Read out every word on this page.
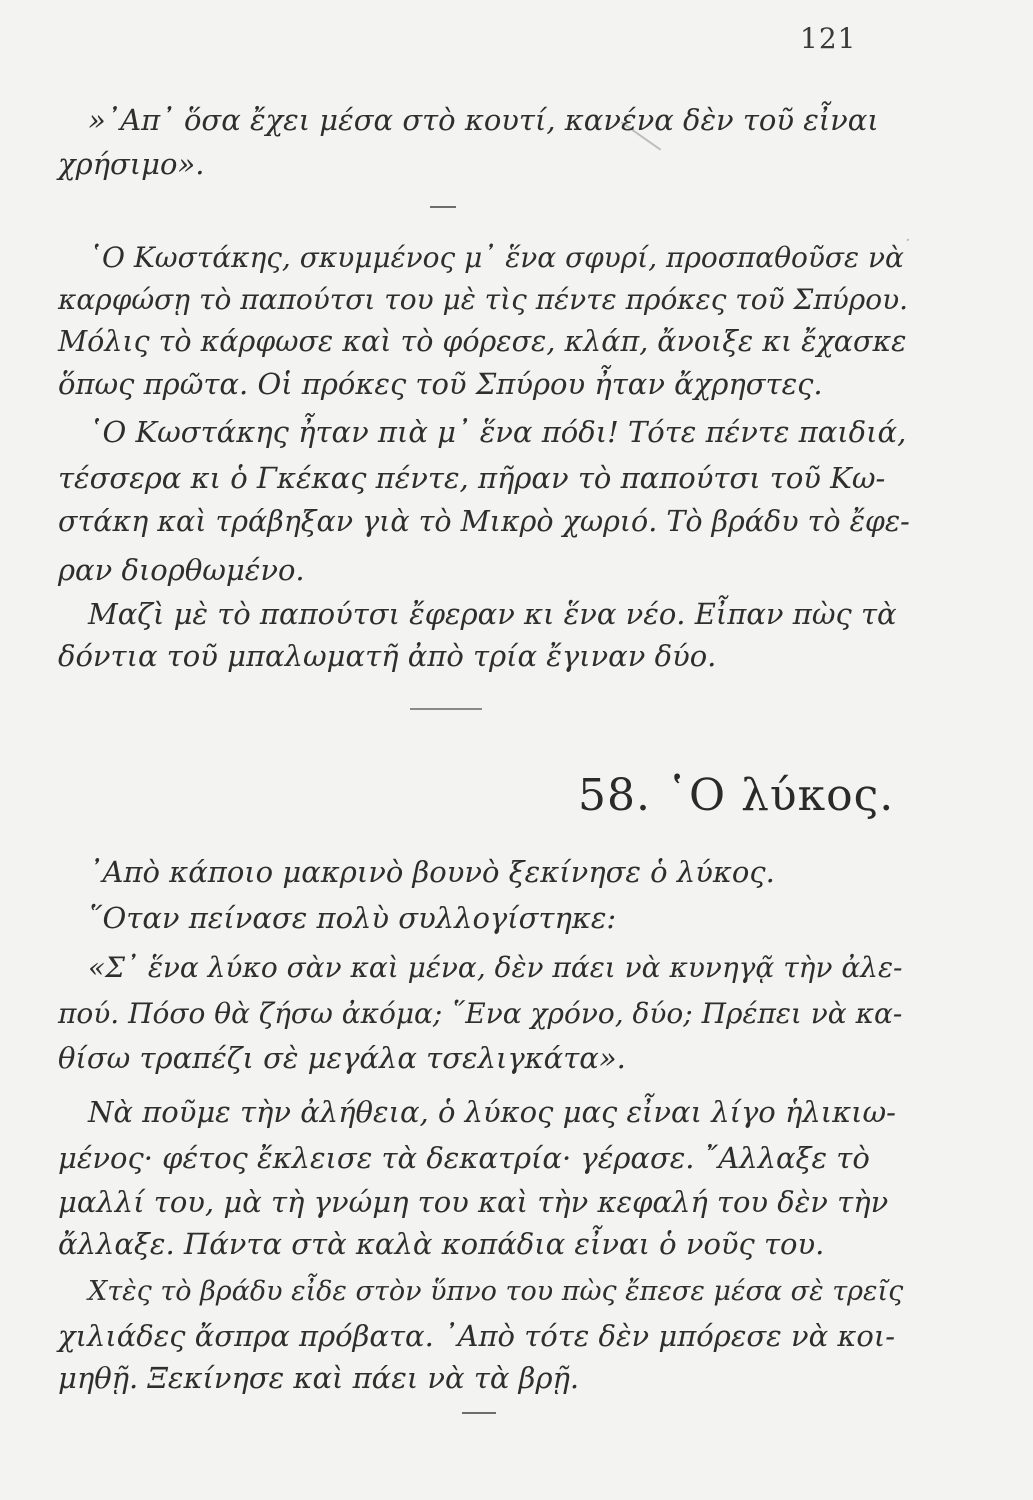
·
121
»᾿Απ᾿ ὅσα ἔχει μέσα στὸ κουτί, κανένα δὲν τοῦ εἶναι
χρήσιμο».
῾Ο Κωστάκης, σκυμμένος μ᾿ ἕνα σφυρί, προσπαθοῦσε νὰ
καρφώσῃ τὸ παπούτσι του μὲ τὶς πέντε πρόκες τοῦ Σπύρου.
Μόλις τὸ κάρφωσε καὶ τὸ φόρεσε, κλάπ, ἄνοιξε κι ἔχασκε
ὅπως πρῶτα. Οἱ πρόκες τοῦ Σπύρου ἦταν ἄχρηστες.
῾Ο Κωστάκης ἦταν πιὰ μ᾿ ἕνα πόδι! Τότε πέντε παιδιά,
τέσσερα κι ὁ Γκέκας πέντε, πῆραν τὸ παπούτσι τοῦ Κω-
στάκη καὶ τράβηξαν γιὰ τὸ Μικρὸ χωριό. Τὸ βράδυ τὸ ἔφε-
ραν διορθωμένο.
Μαζὶ μὲ τὸ παπούτσι ἔφεραν κι ἕνα νέο. Εἶπαν πὼς τὰ
δόντια τοῦ μπαλωματῆ ἀπὸ τρία ἔγιναν δύο.
58. ῾Ο λύκος.
᾿Απὸ κάποιο μακρινὸ βουνὸ ξεκίνησε ὁ λύκος.
῞Οταν πείνασε πολὺ συλλογίστηκε:
«Σ᾿ ἕνα λύκο σὰν καὶ μένα, δὲν πάει νὰ κυνηγᾷ τὴν ἀλε-
πού. Πόσο θὰ ζήσω ἀκόμα; ῞Ενα χρόνο, δύο; Πρέπει νὰ κα-
θίσω τραπέζι σὲ μεγάλα τσελιγκάτα».
Νὰ ποῦμε τὴν ἀλήθεια, ὁ λύκος μας εἶναι λίγο ἡλικιω-
μένος· φέτος ἔκλεισε τὰ δεκατρία· γέρασε. ῎Αλλαξε τὸ
μαλλί του, μὰ τὴ γνώμη του καὶ τὴν κεφαλή του δὲν τὴν
ἄλλαξε. Πάντα στὰ καλὰ κοπάδια εἶναι ὁ νοῦς του.
Χτὲς τὸ βράδυ εἶδε στὸν ὕπνο του πὼς ἔπεσε μέσα σὲ τρεῖς
χιλιάδες ἄσπρα πρόβατα. ᾿Απὸ τότε δὲν μπόρεσε νὰ κοι-
μηθῇ. Ξεκίνησε καὶ πάει νὰ τὰ βρῇ.
